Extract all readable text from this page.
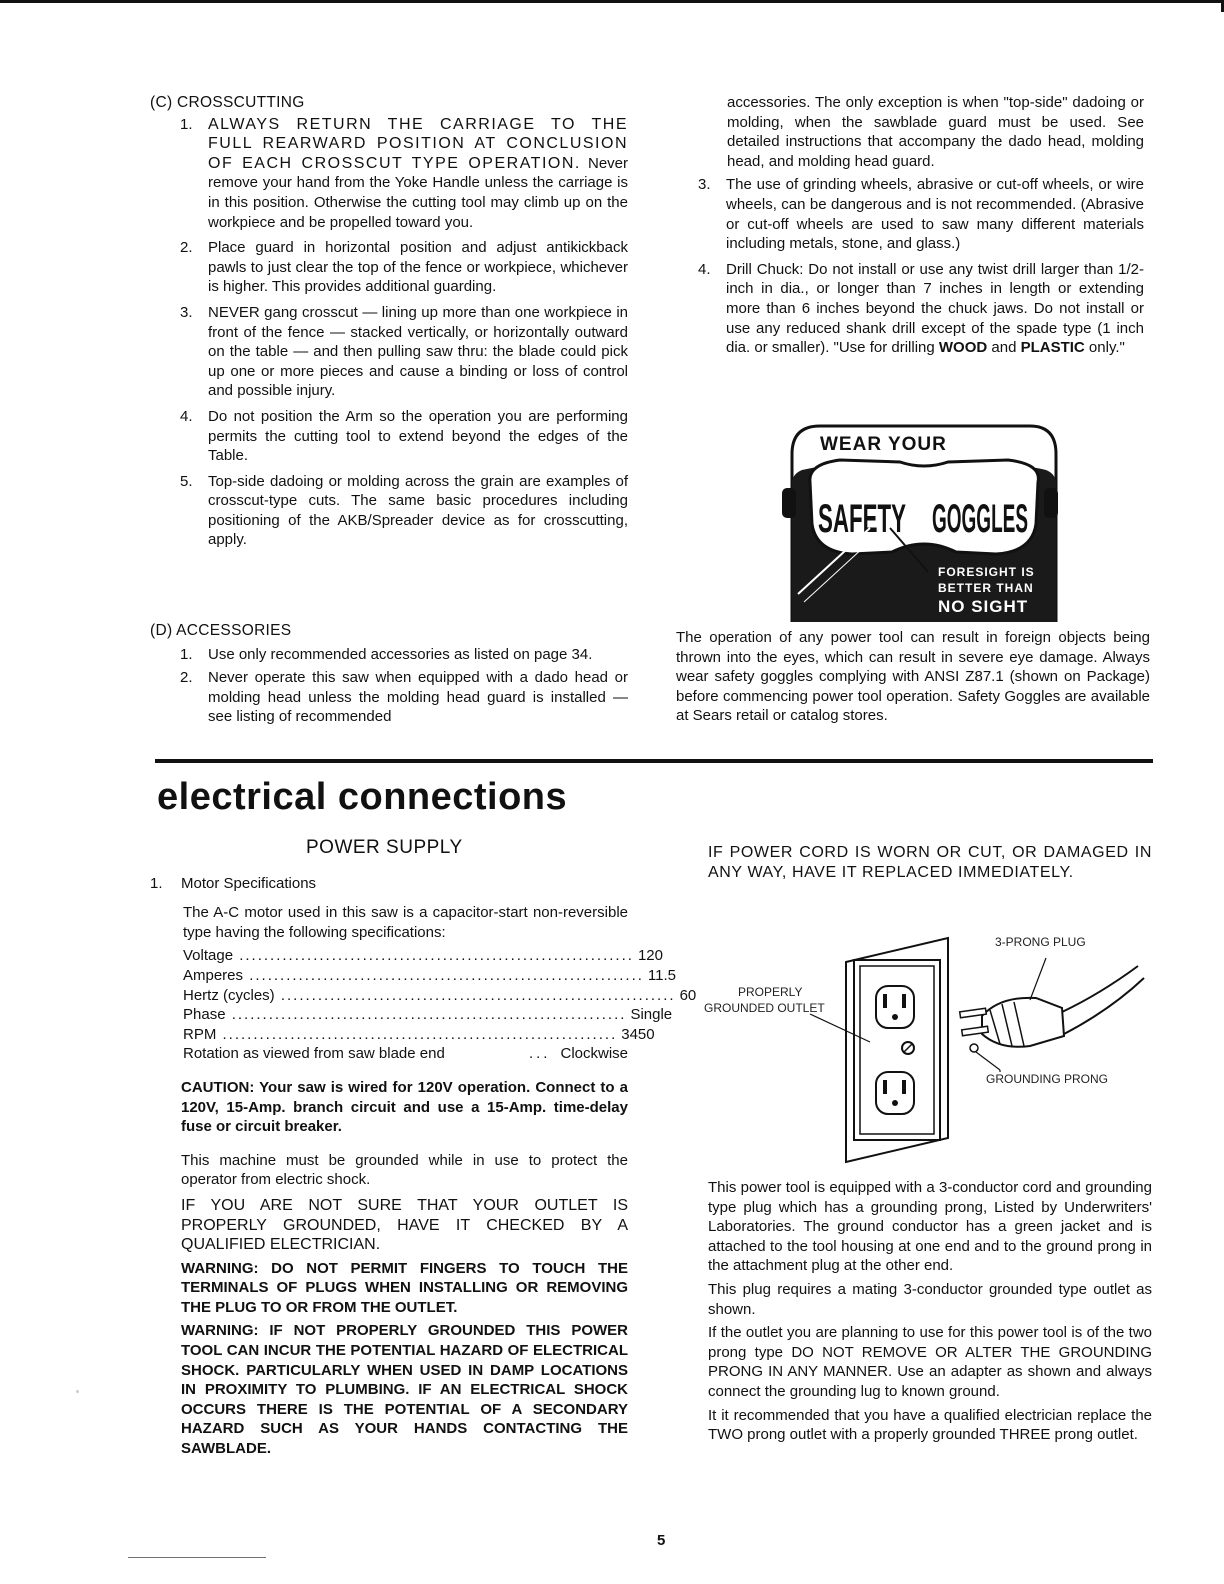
(C) CROSSCUTTING
1. ALWAYS RETURN THE CARRIAGE TO THE FULL REARWARD POSITION AT CONCLUSION OF EACH CROSSCUT TYPE OPERATION. Never remove your hand from the Yoke Handle unless the carriage is in this position. Otherwise the cutting tool may climb up on the workpiece and be propelled toward you.
2. Place guard in horizontal position and adjust antikickback pawls to just clear the top of the fence or workpiece, whichever is higher. This provides additional guarding.
3. NEVER gang crosscut — lining up more than one workpiece in front of the fence — stacked vertically, or horizontally outward on the table — and then pulling saw thru: the blade could pick up one or more pieces and cause a binding or loss of control and possible injury.
4. Do not position the Arm so the operation you are performing permits the cutting tool to extend beyond the edges of the Table.
5. Top-side dadoing or molding across the grain are examples of crosscut-type cuts. The same basic procedures including positioning of the AKB/Spreader device as for crosscutting, apply.
(D) ACCESSORIES
1. Use only recommended accessories as listed on page 34.
2. Never operate this saw when equipped with a dado head or molding head unless the molding head guard is installed — see listing of recommended
accessories. The only exception is when "top-side" dadoing or molding, when the sawblade guard must be used. See detailed instructions that accompany the dado head, molding head, and molding head guard.
3. The use of grinding wheels, abrasive or cut-off wheels, or wire wheels, can be dangerous and is not recommended. (Abrasive or cut-off wheels are used to saw many different materials including metals, stone, and glass.)
4. Drill Chuck: Do not install or use any twist drill larger than 1/2-inch in dia., or longer than 7 inches in length or extending more than 6 inches beyond the chuck jaws. Do not install or use any reduced shank drill except of the spade type (1 inch dia. or smaller). "Use for drilling WOOD and PLASTIC only."
SAFETY GOGGLES
FORESIGHT IS
BETTER THAN
NO SIGHT
WEAR YOUR
The operation of any power tool can result in foreign objects being thrown into the eyes, which can result in severe eye damage. Always wear safety goggles complying with ANSI Z87.1 (shown on Package) before commencing power tool operation. Safety Goggles are available at Sears retail or catalog stores.
electrical connections
POWER SUPPLY
1.	Motor Specifications
The A-C motor used in this saw is a capacitor-start non-reversible type having the following specifications:
Voltage .....	120
Amperes .....	11.5
Hertz (cycles) .....	60
Phase .....	Single
RPM .....	3450
Rotation as viewed from saw blade end	... Clockwise
CAUTION: Your saw is wired for 120V operation. Connect to a 120V, 15-Amp. branch circuit and use a 15-Amp. time-delay fuse or circuit breaker.
This machine must be grounded while in use to protect the operator from electric shock.
IF YOU ARE NOT SURE THAT YOUR OUTLET IS PROPERLY GROUNDED, HAVE IT CHECKED BY A QUALIFIED ELECTRICIAN.
WARNING: DO NOT PERMIT FINGERS TO TOUCH THE TERMINALS OF PLUGS WHEN INSTALLING OR REMOVING THE PLUG TO OR FROM THE OUTLET.
WARNING: IF NOT PROPERLY GROUNDED THIS POWER TOOL CAN INCUR THE POTENTIAL HAZARD OF ELECTRICAL SHOCK. PARTICULARLY WHEN USED IN DAMP LOCATIONS IN PROXIMITY TO PLUMBING. IF AN ELECTRICAL SHOCK OCCURS THERE IS THE POTENTIAL OF A SECONDARY HAZARD SUCH AS YOUR HANDS CONTACTING THE SAWBLADE.
IF POWER CORD IS WORN OR CUT, OR DAMAGED IN ANY WAY, HAVE IT REPLACED IMMEDIATELY.
3-PRONG PLUG
PROPERLY
GROUNDED OUTLET
GROUNDING PRONG
This power tool is equipped with a 3-conductor cord and grounding type plug which has a grounding prong, Listed by Underwriters' Laboratories. The ground conductor has a green jacket and is attached to the tool housing at one end and to the ground prong in the attachment plug at the other end.
This plug requires a mating 3-conductor grounded type outlet as shown.
If the outlet you are planning to use for this power tool is of the two prong type DO NOT REMOVE OR ALTER THE GROUNDING PRONG IN ANY MANNER. Use an adapter as shown and always connect the grounding lug to known ground.
It it recommended that you have a qualified electrician replace the TWO prong outlet with a properly grounded THREE prong outlet.
5
